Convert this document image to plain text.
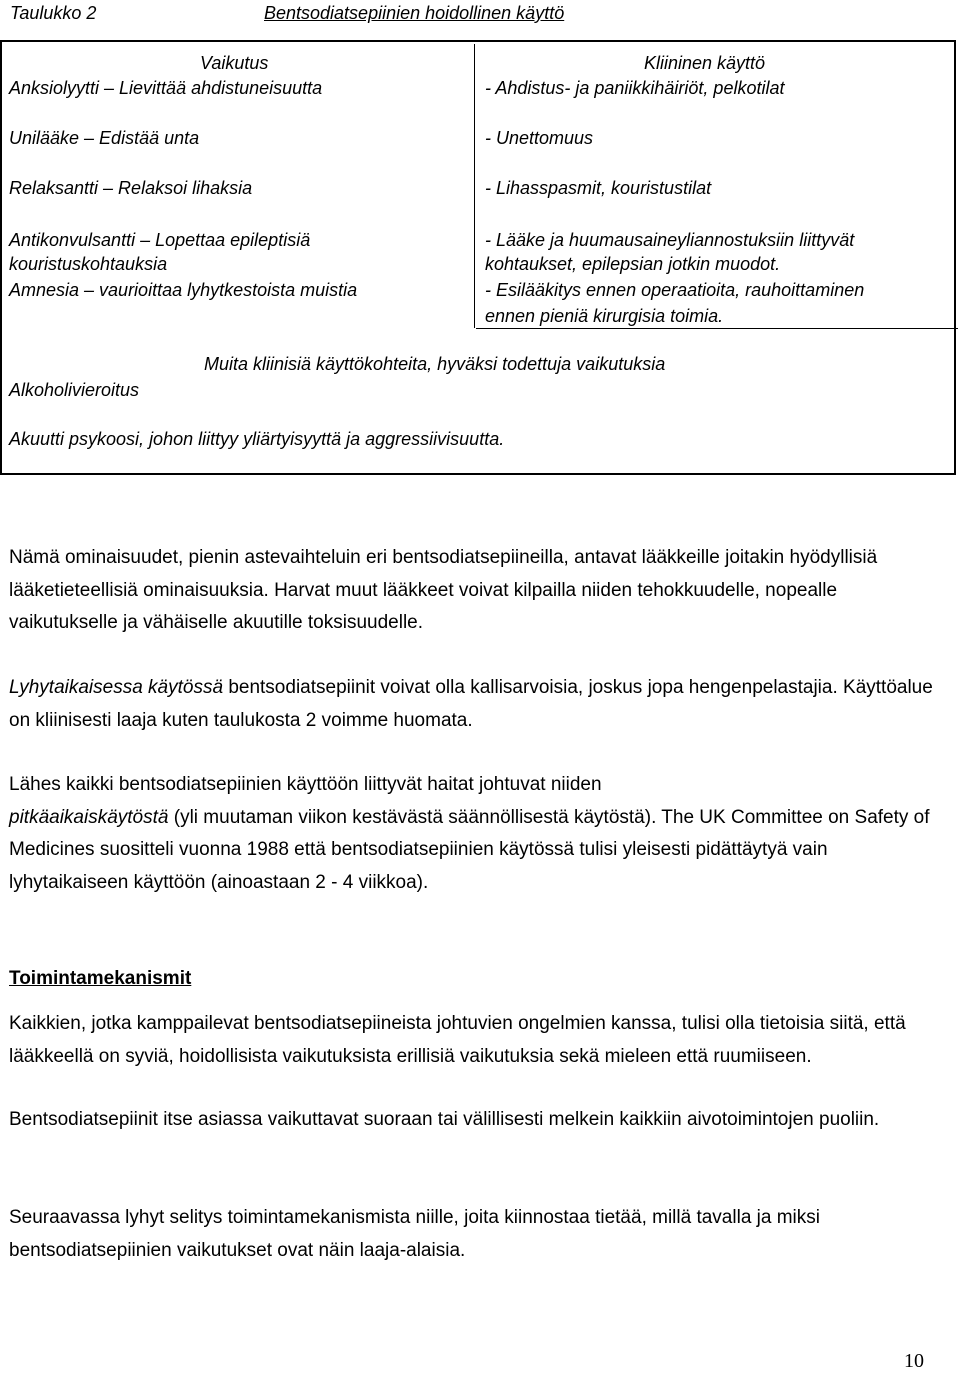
Taulukko 2	Bentsodiatsepiinien hoidollinen käyttö
Vaikutus	Kliininen käyttö
Anksiolyytti – Lievittää ahdistuneisuutta
Unilääke – Edistää unta
Relaksantti – Relaksoi lihaksia
Antikonvulsantti – Lopettaa epileptisiä
kouristuskohtauksia
Amnesia – vaurioittaa lyhytkestoista muistia
- Ahdistus- ja paniikkihäiriöt, pelkotilat
- Unettomuus
- Lihasspasmit, kouristustilat
- Lääke ja huumausaineyliannostuksiin liittyvät
kohtaukset, epilepsian jotkin muodot.
- Esilääkitys ennen operaatioita, rauhoittaminen
ennen pieniä kirurgisia toimia.
Muita kliinisiä käyttökohteita, hyväksi todettuja vaikutuksia
Alkoholivieroitus
Akuutti psykoosi, johon liittyy yliärtyisyyttä ja aggressiivisuutta.

Nämä ominaisuudet, pienin astevaihteluin eri bentsodiatsepiineilla, antavat lääkkeille joitakin hyödyllisiä lääketieteellisiä ominaisuuksia. Harvat muut lääkkeet voivat kilpailla niiden tehokkuudelle, nopealle vaikutukselle ja vähäiselle akuutille toksisuudelle.

Lyhytaikaisessa käytössä bentsodiatsepiinit voivat olla kallisarvoisia, joskus jopa hengenpelastajia. Käyttöalue on kliinisesti laaja kuten taulukosta 2 voimme huomata.

Lähes kaikki bentsodiatsepiinien käyttöön liittyvät haitat johtuvat niiden
pitkäaikaiskäytöstä (yli muutaman viikon kestävästä säännöllisestä käytöstä). The UK Committee on Safety of Medicines suositteli vuonna 1988 että bentsodiatsepiinien käytössä tulisi yleisesti pidättäytyä vain lyhytaikaiseen käyttöön (ainoastaan 2 - 4 viikkoa).

Toimintamekanismit

Kaikkien, jotka kamppailevat bentsodiatsepiineista johtuvien ongelmien kanssa, tulisi olla tietoisia siitä, että lääkkeellä on syviä, hoidollisista vaikutuksista erillisiä vaikutuksia sekä mieleen että ruumiiseen.

Bentsodiatsepiinit itse asiassa vaikuttavat suoraan tai välillisesti melkein kaikkiin aivotoimintojen puoliin.

Seuraavassa lyhyt selitys toimintamekanismista niille, joita kiinnostaa tietää, millä tavalla ja miksi bentsodiatsepiinien vaikutukset ovat näin laaja-alaisia.

10
